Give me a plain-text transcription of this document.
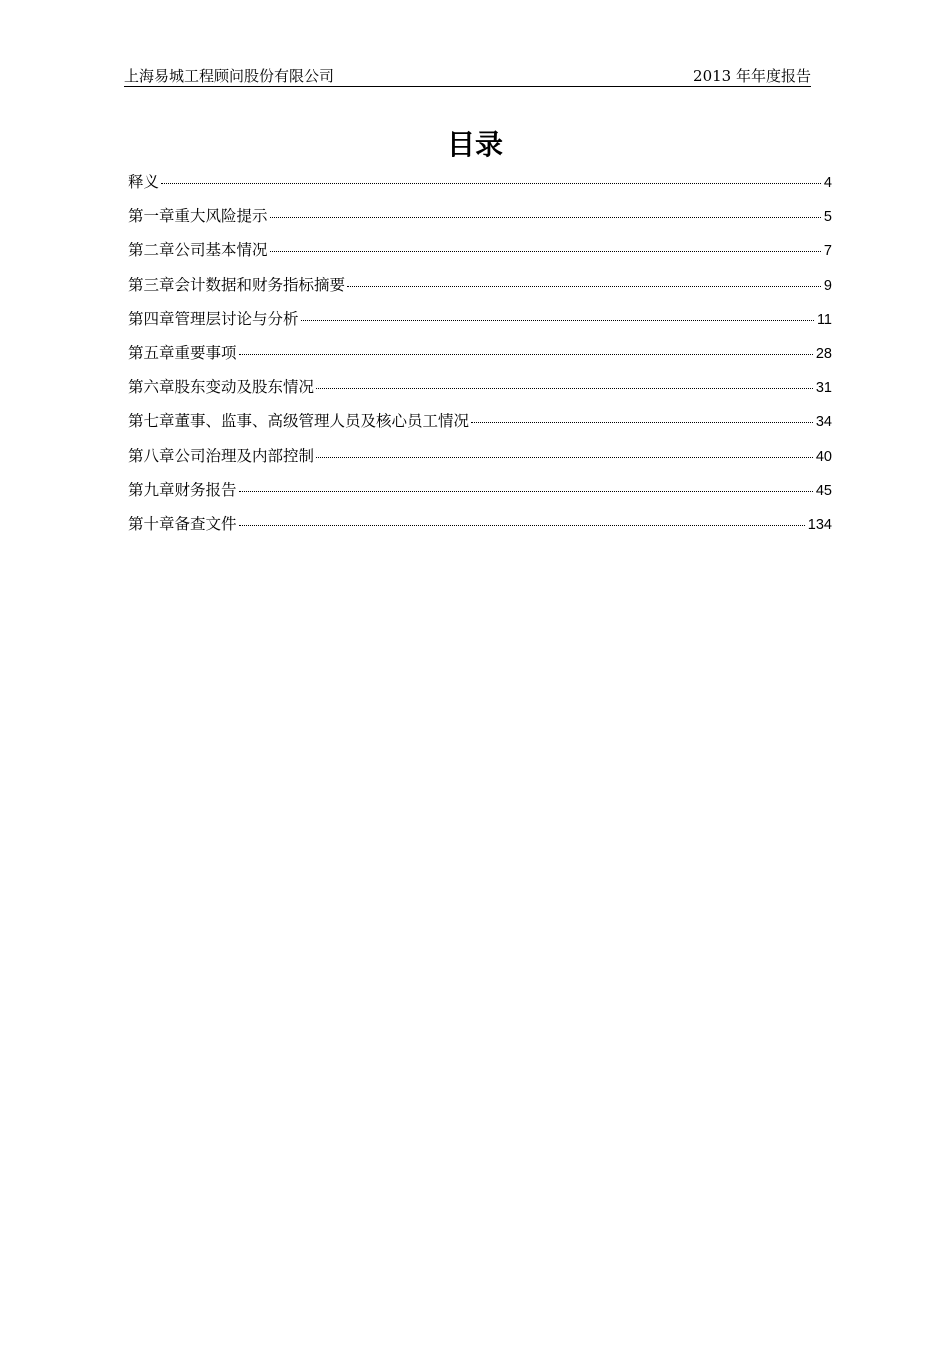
上海易城工程顾问股份有限公司	2013 年年度报告
目录
释义	4
第一章重大风险提示	5
第二章公司基本情况	7
第三章会计数据和财务指标摘要	9
第四章管理层讨论与分析	11
第五章重要事项	28
第六章股东变动及股东情况	31
第七章董事、监事、高级管理人员及核心员工情况	34
第八章公司治理及内部控制	40
第九章财务报告	45
第十章备查文件	134
